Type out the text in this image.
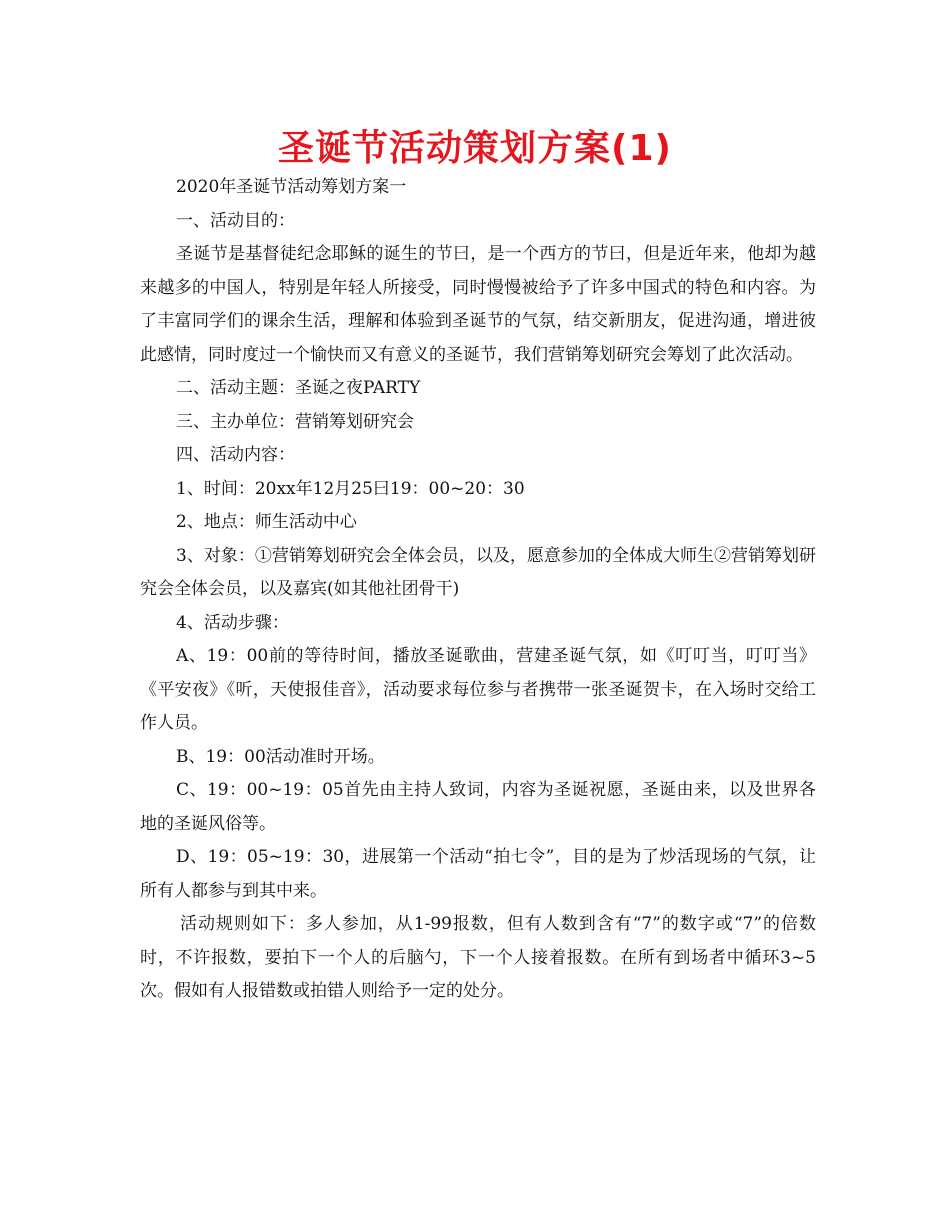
圣诞节活动策划方案(1)

2020年圣诞节活动筹划方案一

一、活动目的：

圣诞节是基督徒纪念耶稣的诞生的节曰，是一个西方的节曰，但是近年来，他却为越来越多的中国人，特别是年轻人所接受，同时慢慢被给予了许多中国式的特色和内容。为了丰富同学们的课余生活，理解和体验到圣诞节的气氛，结交新朋友，促进沟通，增进彼此感情，同时度过一个愉快而又有意义的圣诞节，我们营销筹划研究会筹划了此次活动。

二、活动主题：圣诞之夜PARTY

三、主办单位：营销筹划研究会

四、活动内容：

1、时间：20xx年12月25曰19：00~20：30

2、地点：师生活动中心

3、对象：①营销筹划研究会全体会员，以及，愿意参加的全体成大师生②营销筹划研究会全体会员，以及嘉宾(如其他社团骨干)

4、活动步骤：

A、19：00前的等待时间，播放圣诞歌曲，营建圣诞气氛，如《叮叮当，叮叮当》《平安夜》《听，天使报佳音》，活动要求每位参与者携带一张圣诞贺卡，在入场时交给工作人员。

B、19：00活动准时开场。

C、19：00~19：05首先由主持人致词，内容为圣诞祝愿，圣诞由来，以及世界各地的圣诞风俗等。

D、19：05~19：30，进展第一个活动“拍七令”，目的是为了炒活现场的气氛，让所有人都参与到其中来。

活动规则如下：多人参加，从1-99报数，但有人数到含有“7”的数字或“7”的倍数时，不许报数，要拍下一个人的后脑勺，下一个人接着报数。在所有到场者中循环3~5次。假如有人报错数或拍错人则给予一定的处分。
